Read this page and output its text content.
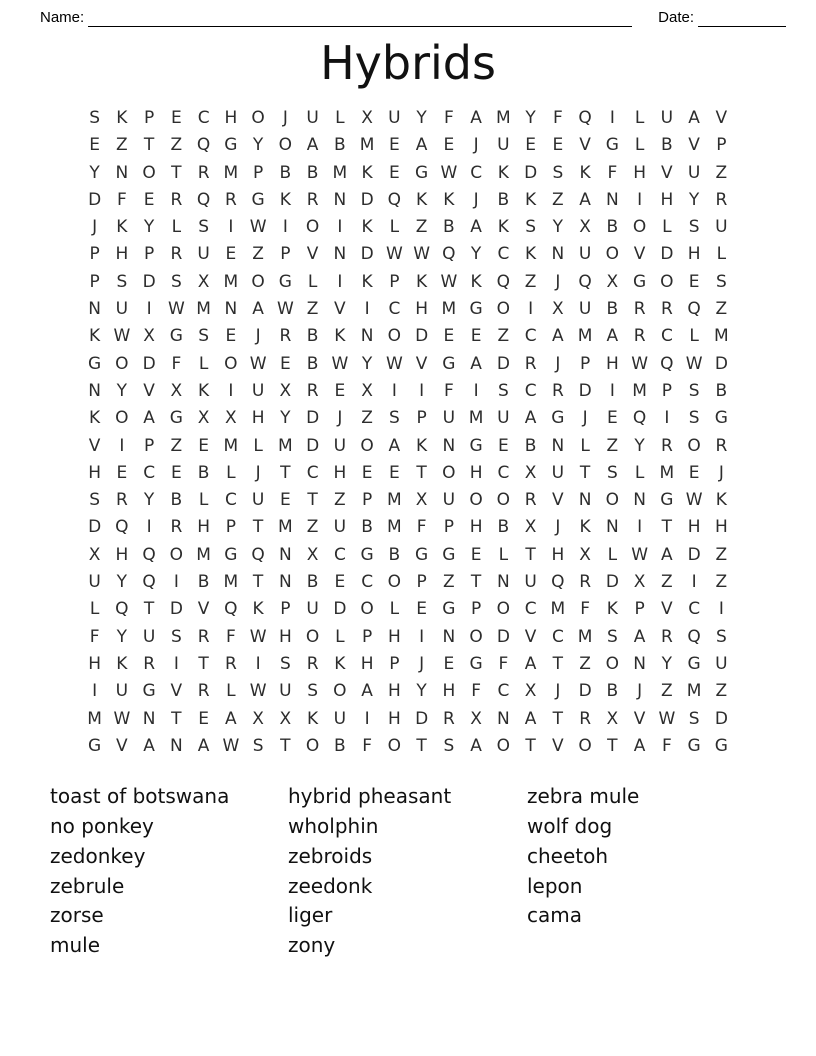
Name:	Date:
Hybrids
S K P E C H O	J	U L X U Y	F A M Y	F Q	I	L U A V
E Z T Z Q G Y O A B M E A E	J	U E E V G L B V P
Y N O T R M P B B M K E G W C K D S K F H V U Z
D F E R Q R G K R N D Q K K	J	B K Z A N	I	H Y R
J	K Y	L	S	I W I	O	I	K L Z B A K S Y X B O L	S U
P H P R U E Z P V N D W W Q Y C K N U O V D H L
P S D S X M O G L	I	K P K W K Q Z	J	Q X G O E S
N U	I W M N A W Z V	I	C H M G O	I	X U B R R Q Z
K W X G S E	J	R B K N O D E E Z C A M A R C L M
G O D F	L O W E B W Y W V G A D R	J	P H W Q W D
N Y V X K	I	U X R E X	I	I	F	I	S C R D	I	M P S B
K O A G X X H Y D	J	Z S P U M U A G	J	E Q	I	S G
V	I	P Z E M L M D U O A K N G E B N L Z Y R O R
H E C E B L	J	T C H E E T O H C X U T S	L M E	J
S R Y B L C U E T Z P M X U O O R V N O N G W K
D Q	I	R H P T M Z U B M F	P H B X	J	K N	I	T H H
X H Q O M G Q N X C G B G G E	L	T H X L W A D Z
U Y Q	I	B M T N B E C O P Z T N U Q R D X Z	I	Z
L Q T D V Q K P U D O L	E G P O C M F K P V C	I
F	Y U S R F W H O L	P H	I	N O D V C M S A R Q S
H K R	I	T R	I	S R K H P	J	E G F A T Z O N Y G U
I	U G V R L W U S O A H Y H F C X	J	D B	J	Z M Z
M W N T E A X X K U	I	H D R X N A T R X V W S D
G V A N A W S T O B F O T S A O T V O T A F G G
toast of botswana
no ponkey
zedonkey
zebrule
zorse
mule
hybrid pheasant
wholphin
zebroids
zeedonk
liger
zony
zebra mule
wolf dog
cheetoh
lepon
cama
